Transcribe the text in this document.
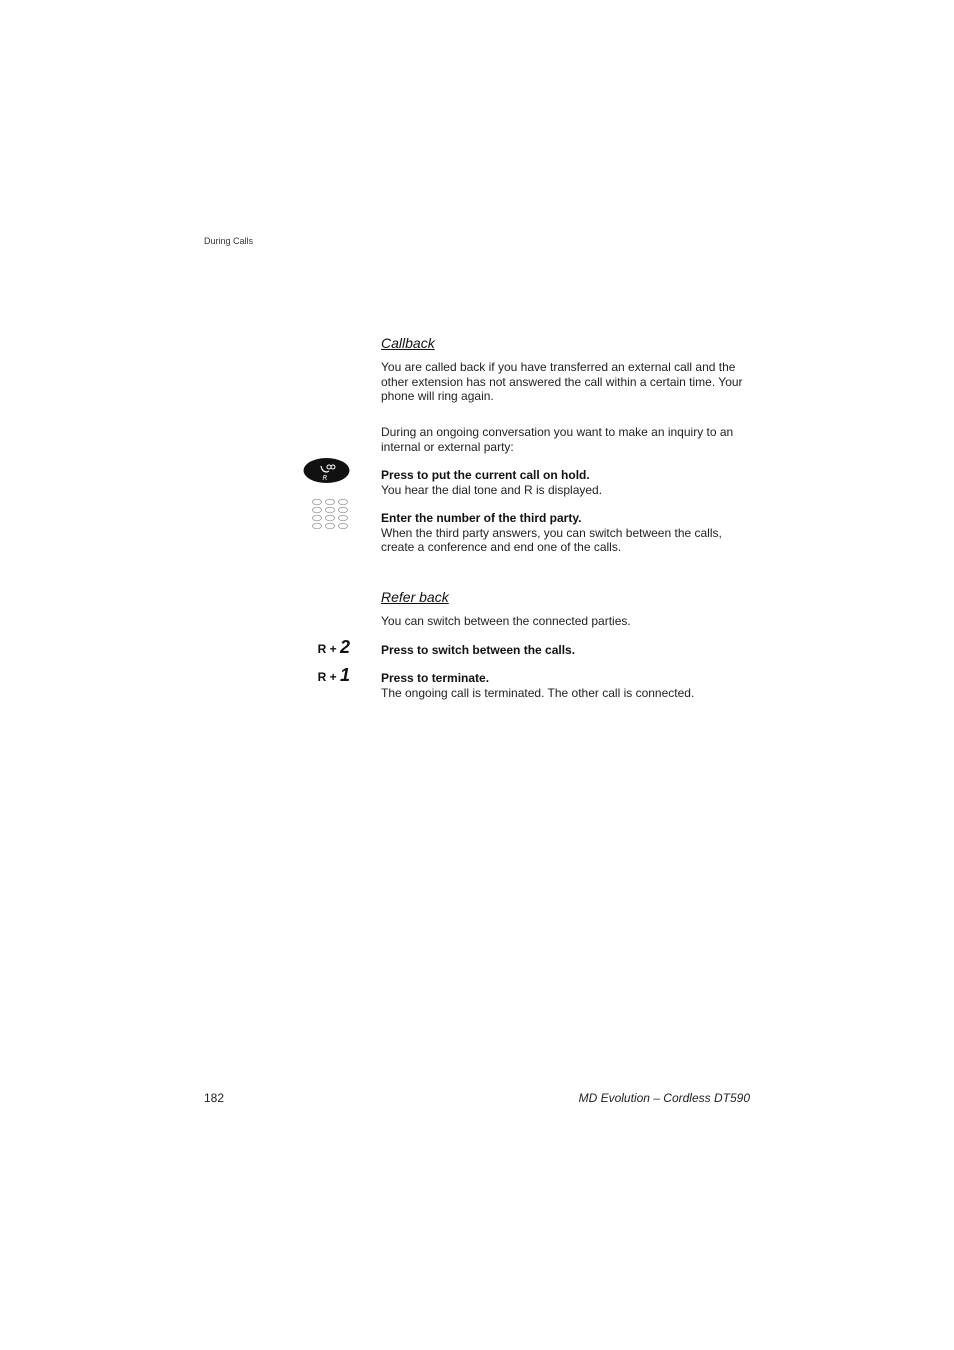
During Calls
Callback
You are called back if you have transferred an external call and the other extension has not answered the call within a certain time. Your phone will ring again.
During an ongoing conversation you want to make an inquiry to an internal or external party:
R	Press to put the current call on hold.
You hear the dial tone and R is displayed.
Enter the number of the third party.
When the third party answers, you can switch between the calls, create a conference and end one of the calls.
Refer back
You can switch between the connected parties.
R + 2	Press to switch between the calls.
R + 1	Press to terminate.
The ongoing call is terminated. The other call is connected.
182	MD Evolution – Cordless DT590
